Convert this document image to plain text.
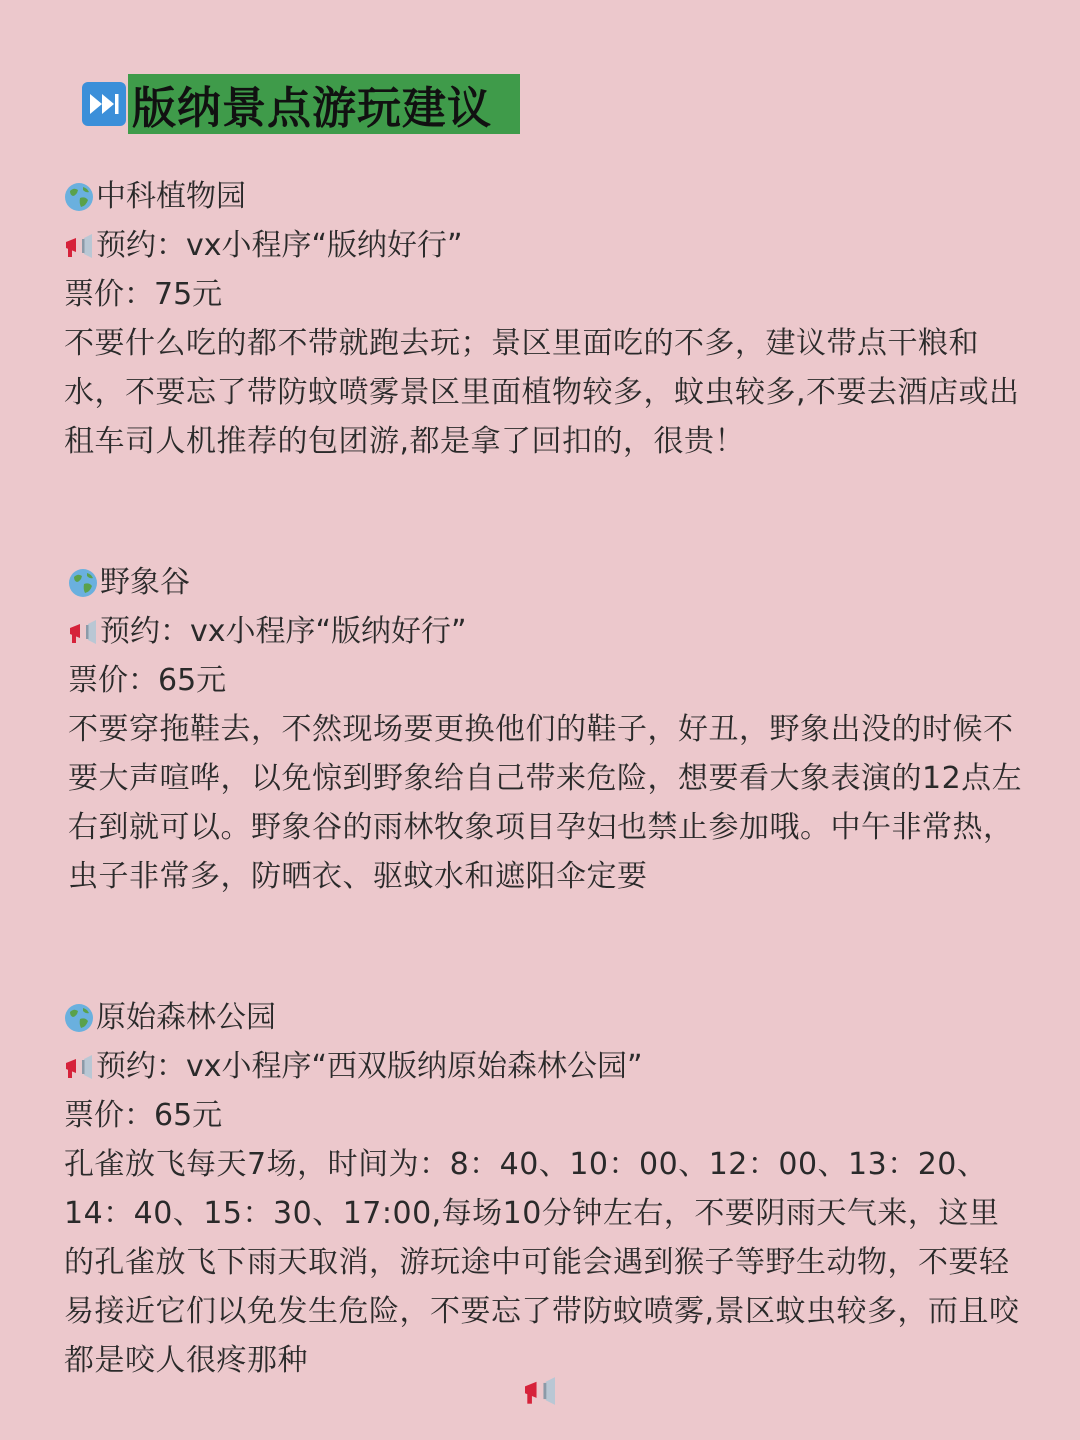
版纳景点游玩建议
中科植物园
预约：vx小程序“版纳好行”
票价：75元
不要什么吃的都不带就跑去玩；景区里面吃的不多，建议带点干粮和水，不要忘了带防蚊喷雾景区里面植物较多，蚊虫较多,不要去酒店或出租车司人机推荐的包团游,都是拿了回扣的，很贵！
野象谷
预约：vx小程序“版纳好行”
票价：65元
不要穿拖鞋去，不然现场要更换他们的鞋子，好丑，野象出没的时候不要大声喧哗，以免惊到野象给自己带来危险，想要看大象表演的12点左右到就可以。野象谷的雨林牧象项目孕妇也禁止参加哦。中午非常热，虫子非常多，防晒衣、驱蚊水和遮阳伞定要
原始森林公园
预约：vx小程序“西双版纳原始森林公园”
票价：65元
孔雀放飞每天7场，时间为：8：40、10：00、12：00、13：20、14：40、15：30、17:00,每场10分钟左右，不要阴雨天气来，这里的孔雀放飞下雨天取消，游玩途中可能会遇到猴子等野生动物，不要轻易接近它们以免发生危险，不要忘了带防蚊喷雾,景区蚊虫较多，而且咬都是咬人很疼那种
